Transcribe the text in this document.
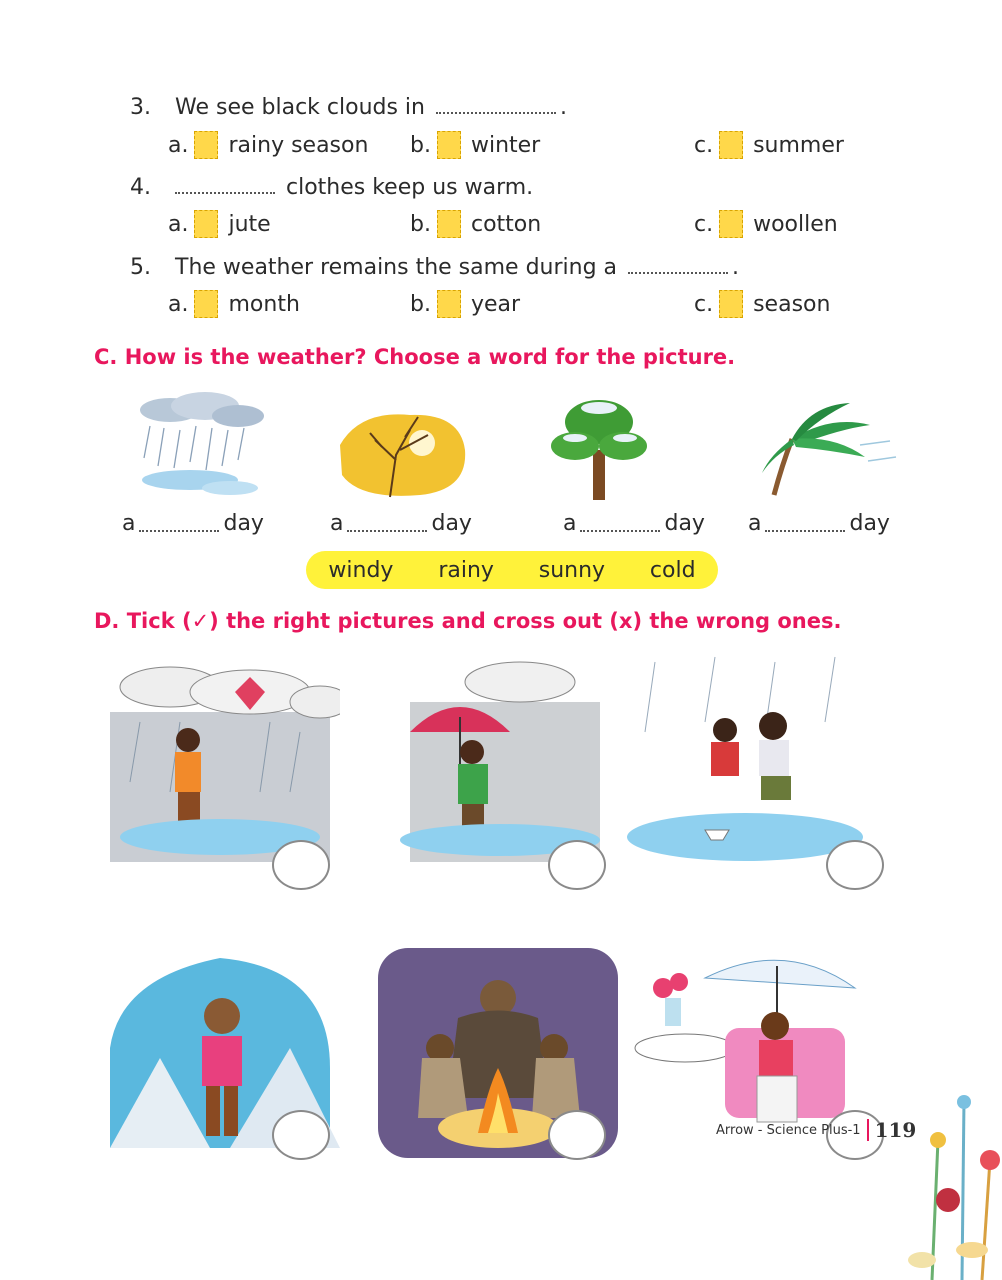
3. We see black clouds in	.
a. rainy season b. winter	c. summer
4.	clothes keep us warm.
a. jute	b. cotton	c. woollen
5. The weather remains the same during a	.
a. month	b. year	c. season
C. How is the weather? Choose a word for the picture.
a	day	a	day	a	day a	day
windy rainy sunny cold
D. Tick (✓) the right pictures and cross out (x) the wrong ones.
Arrow - Science Plus-1 119
